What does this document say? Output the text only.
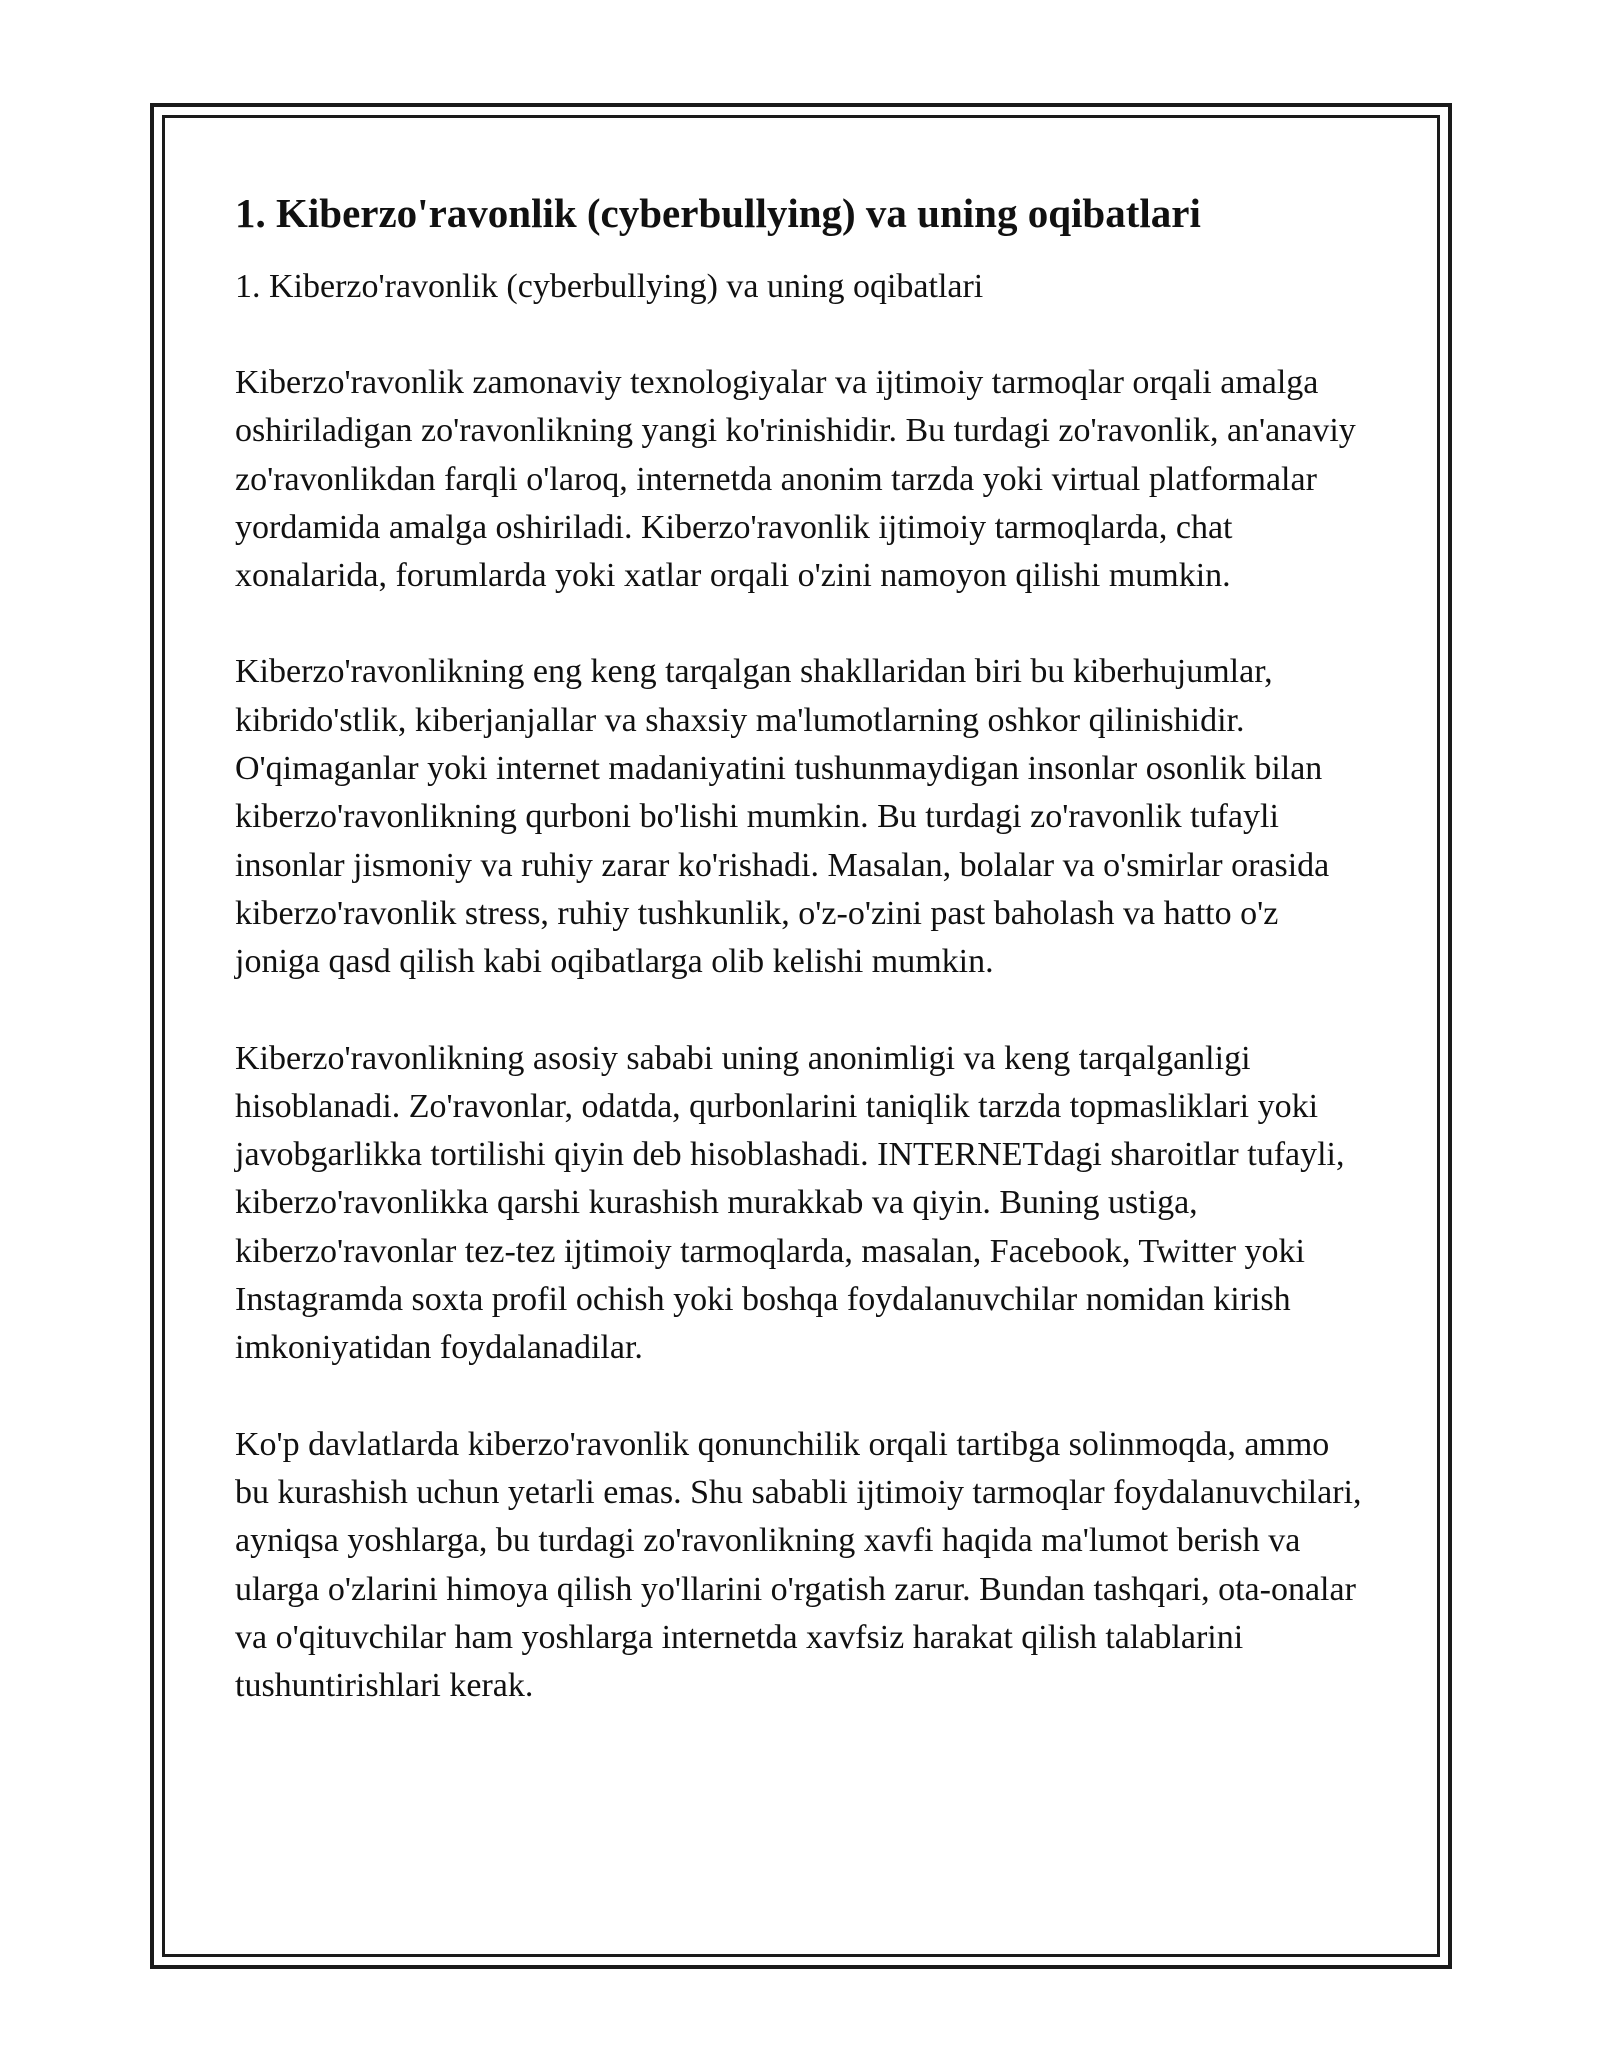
1. Kiberzo'ravonlik (cyberbullying) va uning oqibatlari

1. Kiberzo'ravonlik (cyberbullying) va uning oqibatlari

Kiberzo'ravonlik zamonaviy texnologiyalar va ijtimoiy tarmoqlar orqali amalga oshiriladigan zo'ravonlikning yangi ko'rinishidir. Bu turdagi zo'ravonlik, an'anaviy zo'ravonlikdan farqli o'laroq, internetda anonim tarzda yoki virtual platformalar yordamida amalga oshiriladi. Kiberzo'ravonlik ijtimoiy tarmoqlarda, chat xonalarida, forumlarda yoki xatlar orqali o'zini namoyon qilishi mumkin.

Kiberzo'ravonlikning eng keng tarqalgan shakllaridan biri bu kiberhujumlar, kibrido'stlik, kiberjanjallar va shaxsiy ma'lumotlarning oshkor qilinishidir. O'qimaganlar yoki internet madaniyatini tushunmaydigan insonlar osonlik bilan kiberzo'ravonlikning qurboni bo'lishi mumkin. Bu turdagi zo'ravonlik tufayli insonlar jismoniy va ruhiy zarar ko'rishadi. Masalan, bolalar va o'smirlar orasida kiberzo'ravonlik stress, ruhiy tushkunlik, o'z-o'zini past baholash va hatto o'z joniga qasd qilish kabi oqibatlarga olib kelishi mumkin.

Kiberzo'ravonlikning asosiy sababi uning anonimligi va keng tarqalganligi hisoblanadi. Zo'ravonlar, odatda, qurbonlarini taniqlik tarzda topmasliklari yoki javobgarlikka tortilishi qiyin deb hisoblashadi. INTERNETdagi sharoitlar tufayli, kiberzo'ravonlikka qarshi kurashish murakkab va qiyin. Buning ustiga, kiberzo'ravonlar tez-tez ijtimoiy tarmoqlarda, masalan, Facebook, Twitter yoki Instagramda soxta profil ochish yoki boshqa foydalanuvchilar nomidan kirish imkoniyatidan foydalanadilar.

Ko'p davlatlarda kiberzo'ravonlik qonunchilik orqali tartibga solinmoqda, ammo bu kurashish uchun yetarli emas. Shu sababli ijtimoiy tarmoqlar foydalanuvchilari, ayniqsa yoshlarga, bu turdagi zo'ravonlikning xavfi haqida ma'lumot berish va ularga o'zlarini himoya qilish yo'llarini o'rgatish zarur. Bundan tashqari, ota-onalar va o'qituvchilar ham yoshlarga internetda xavfsiz harakat qilish talablarini tushuntirishlari kerak.
